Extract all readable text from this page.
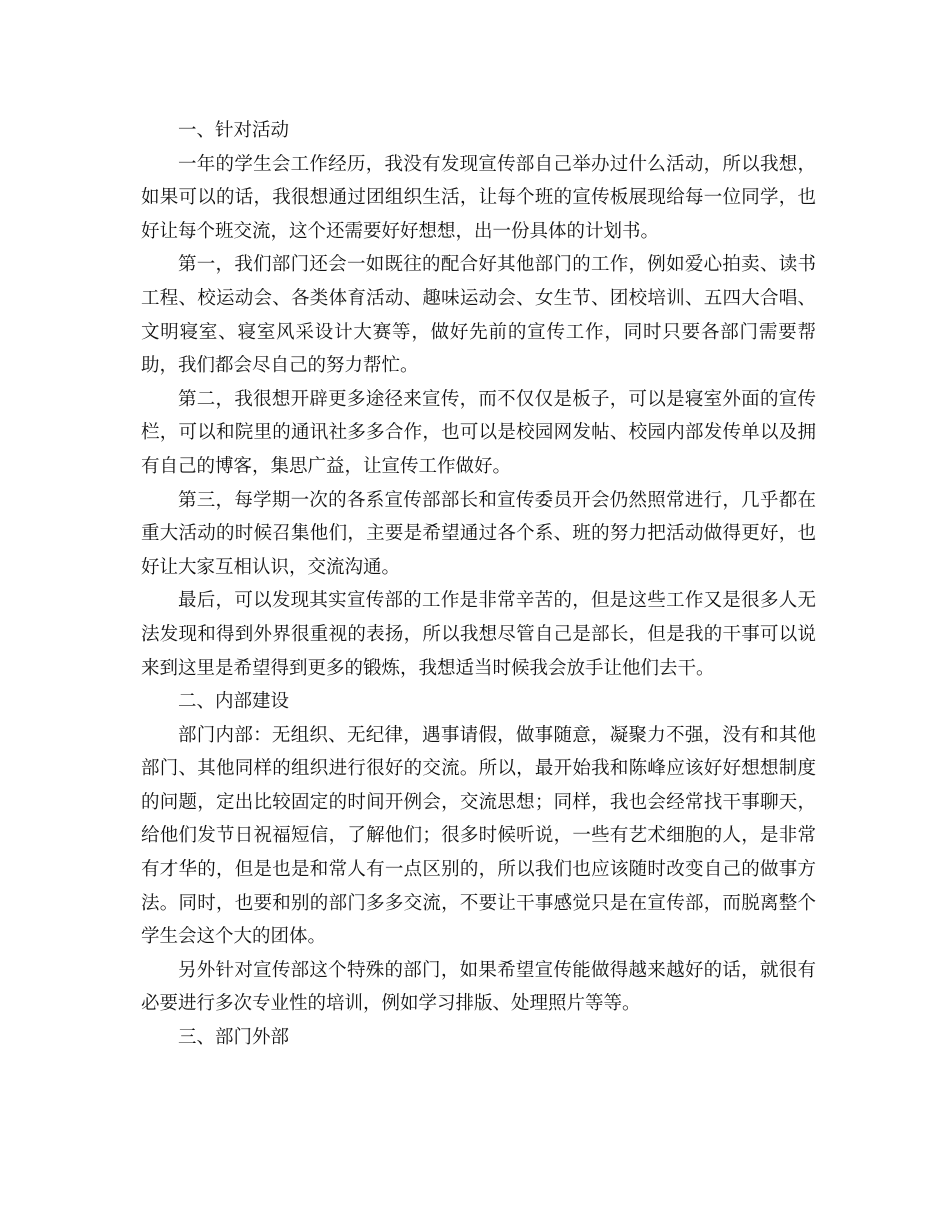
一、针对活动

一年的学生会工作经历，我没有发现宣传部自己举办过什么活动，所以我想，如果可以的话，我很想通过团组织生活，让每个班的宣传板展现给每一位同学，也好让每个班交流，这个还需要好好想想，出一份具体的计划书。

第一，我们部门还会一如既往的配合好其他部门的工作，例如爱心拍卖、读书工程、校运动会、各类体育活动、趣味运动会、女生节、团校培训、五四大合唱、文明寝室、寝室风采设计大赛等，做好先前的宣传工作，同时只要各部门需要帮助，我们都会尽自己的努力帮忙。

第二，我很想开辟更多途径来宣传，而不仅仅是板子，可以是寝室外面的宣传栏，可以和院里的通讯社多多合作，也可以是校园网发帖、校园内部发传单以及拥有自己的博客，集思广益，让宣传工作做好。

第三，每学期一次的各系宣传部部长和宣传委员开会仍然照常进行，几乎都在重大活动的时候召集他们，主要是希望通过各个系、班的努力把活动做得更好，也好让大家互相认识，交流沟通。

最后，可以发现其实宣传部的工作是非常辛苦的，但是这些工作又是很多人无法发现和得到外界很重视的表扬，所以我想尽管自己是部长，但是我的干事可以说来到这里是希望得到更多的锻炼，我想适当时候我会放手让他们去干。

二、内部建设

部门内部：无组织、无纪律，遇事请假，做事随意，凝聚力不强，没有和其他部门、其他同样的组织进行很好的交流。所以，最开始我和陈峰应该好好想想制度的问题，定出比较固定的时间开例会，交流思想；同样，我也会经常找干事聊天，给他们发节日祝福短信，了解他们；很多时候听说，一些有艺术细胞的人，是非常有才华的，但是也是和常人有一点区别的，所以我们也应该随时改变自己的做事方法。同时，也要和别的部门多多交流，不要让干事感觉只是在宣传部，而脱离整个学生会这个大的团体。

另外针对宣传部这个特殊的部门，如果希望宣传能做得越来越好的话，就很有必要进行多次专业性的培训，例如学习排版、处理照片等等。

三、部门外部
